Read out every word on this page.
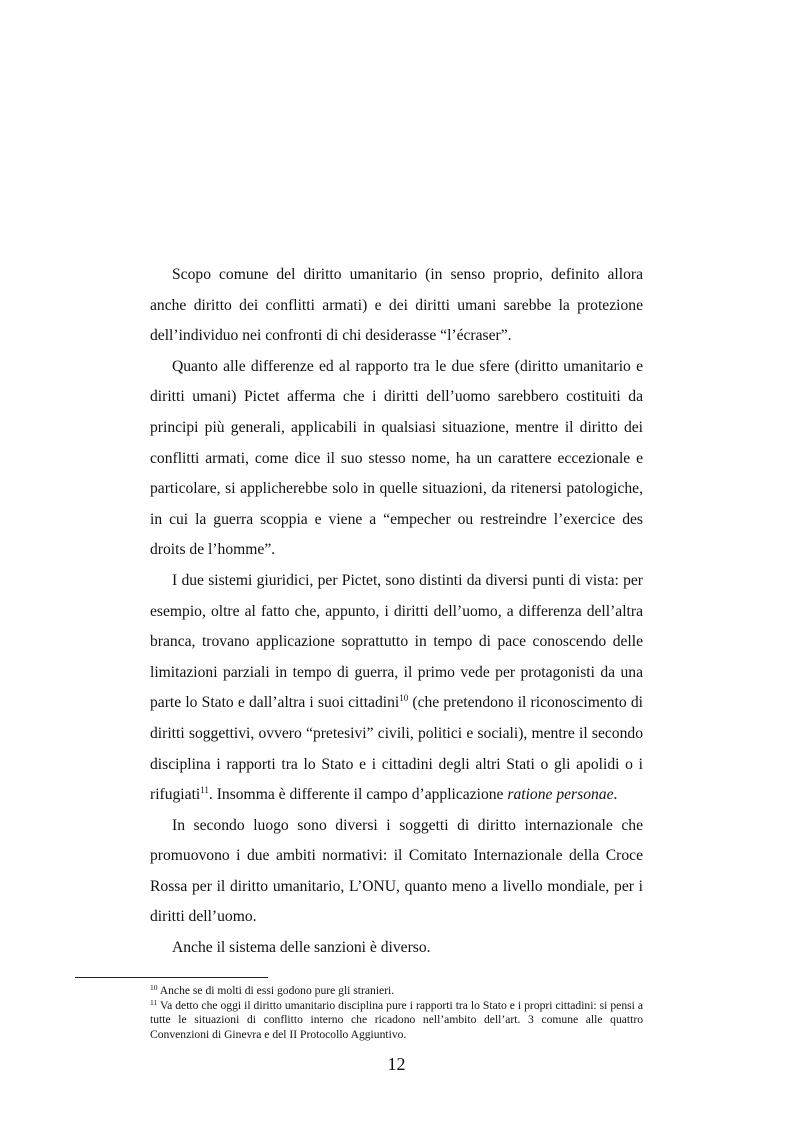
Scopo comune del diritto umanitario (in senso proprio, definito allora anche diritto dei conflitti armati) e dei diritti umani sarebbe la protezione dell’individuo nei confronti di chi desiderasse “l’écraser”.

Quanto alle differenze ed al rapporto tra le due sfere (diritto umanitario e diritti umani) Pictet afferma che i diritti dell’uomo sarebbero costituiti da principi più generali, applicabili in qualsiasi situazione, mentre il diritto dei conflitti armati, come dice il suo stesso nome, ha un carattere eccezionale e particolare, si applicherebbe solo in quelle situazioni, da ritenersi patologiche, in cui la guerra scoppia e viene a “empecher ou restreindre l’exercice des droits de l’homme”.

I due sistemi giuridici, per Pictet, sono distinti da diversi punti di vista: per esempio, oltre al fatto che, appunto, i diritti dell’uomo, a differenza dell’altra branca, trovano applicazione soprattutto in tempo di pace conoscendo delle limitazioni parziali in tempo di guerra, il primo vede per protagonisti da una parte lo Stato e dall’altra i suoi cittadini$^{10}$ (che pretendono il riconoscimento di diritti soggettivi, ovvero “pretesivi” civili, politici e sociali), mentre il secondo disciplina i rapporti tra lo Stato e i cittadini degli altri Stati o gli apolidi o i rifugiati$^{11}$. Insomma è differente il campo d’applicazione ratione personae.

In secondo luogo sono diversi i soggetti di diritto internazionale che promuovono i due ambiti normativi: il Comitato Internazionale della Croce Rossa per il diritto umanitario, L’ONU, quanto meno a livello mondiale, per i diritti dell’uomo.

Anche il sistema delle sanzioni è diverso.

$^{10}$ Anche se di molti di essi godono pure gli stranieri.

$^{11}$ Va detto che oggi il diritto umanitario disciplina pure i rapporti tra lo Stato e i propri cittadini: si pensi a tutte le situazioni di conflitto interno che ricadono nell’ambito dell’art. 3 comune alle quattro Convenzioni di Ginevra e del II Protocollo Aggiuntivo.

12
